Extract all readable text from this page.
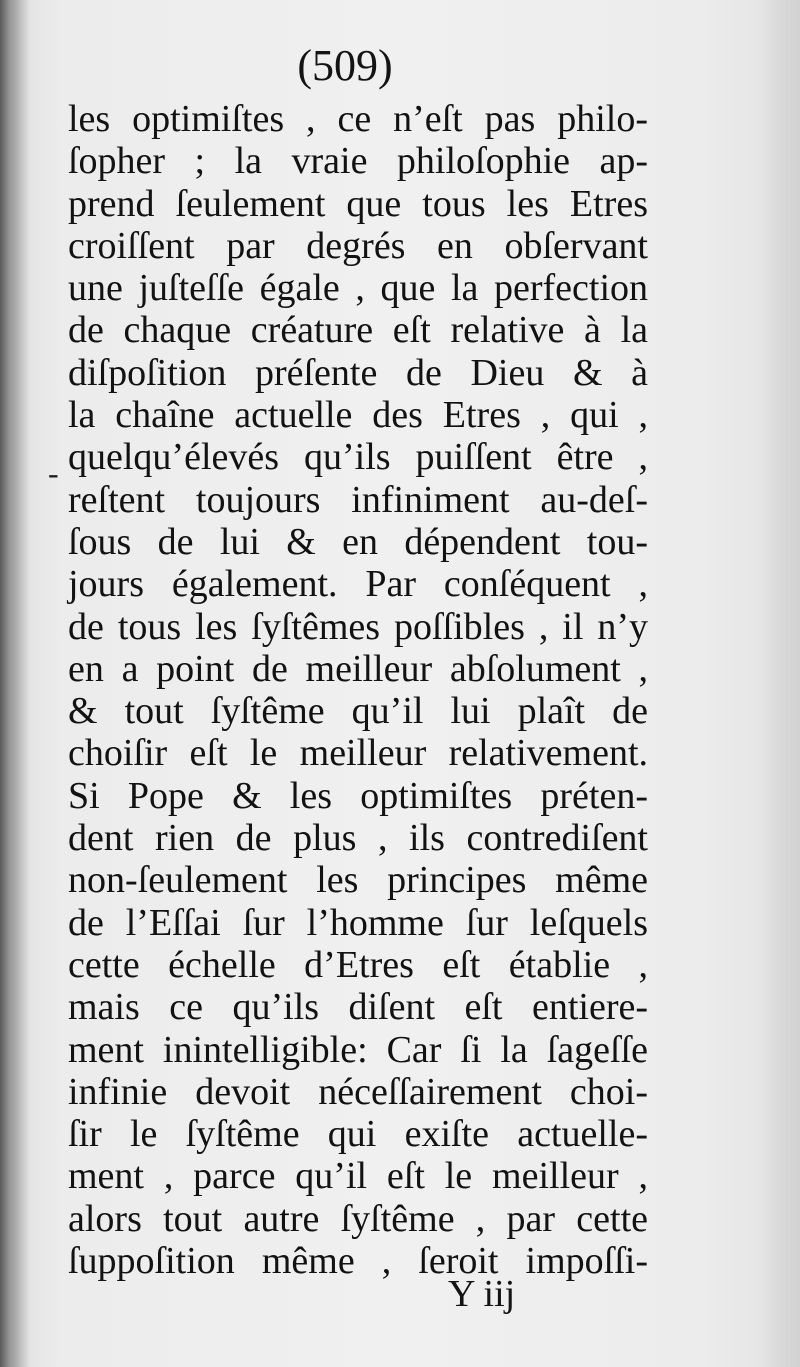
(509)
-
les optimiſtes , ce n’eſt pas philo-
ſopher ; la vraie philoſophie ap-
prend ſeulement que tous les Etres
croiſſent par degrés en obſervant
une juſteſſe égale , que la perfection
de chaque créature eſt relative à la
diſpoſition préſente de Dieu & à
la chaîne actuelle des Etres , qui ,
quelqu’élevés qu’ils puiſſent être ,
reſtent toujours infiniment au-deſ-
ſous de lui & en dépendent tou-
jours également. Par conſéquent ,
de tous les ſyſtêmes poſſibles , il n’y
en a point de meilleur abſolument ,
& tout ſyſtême qu’il lui plaît de
choiſir eſt le meilleur relativement.
Si Pope & les optimiſtes préten-
dent rien de plus , ils contrediſent
non-ſeulement les principes même
de l’Eſſai ſur l’homme ſur leſquels
cette échelle d’Etres eſt établie ,
mais ce qu’ils diſent eſt entiere-
ment inintelligible: Car ſi la ſageſſe
infinie devoit néceſſairement choi-
ſir le ſyſtême qui exiſte actuelle-
ment , parce qu’il eſt le meilleur ,
alors tout autre ſyſtême , par cette
ſuppoſition même , ſeroit impoſſi-
Y iij
